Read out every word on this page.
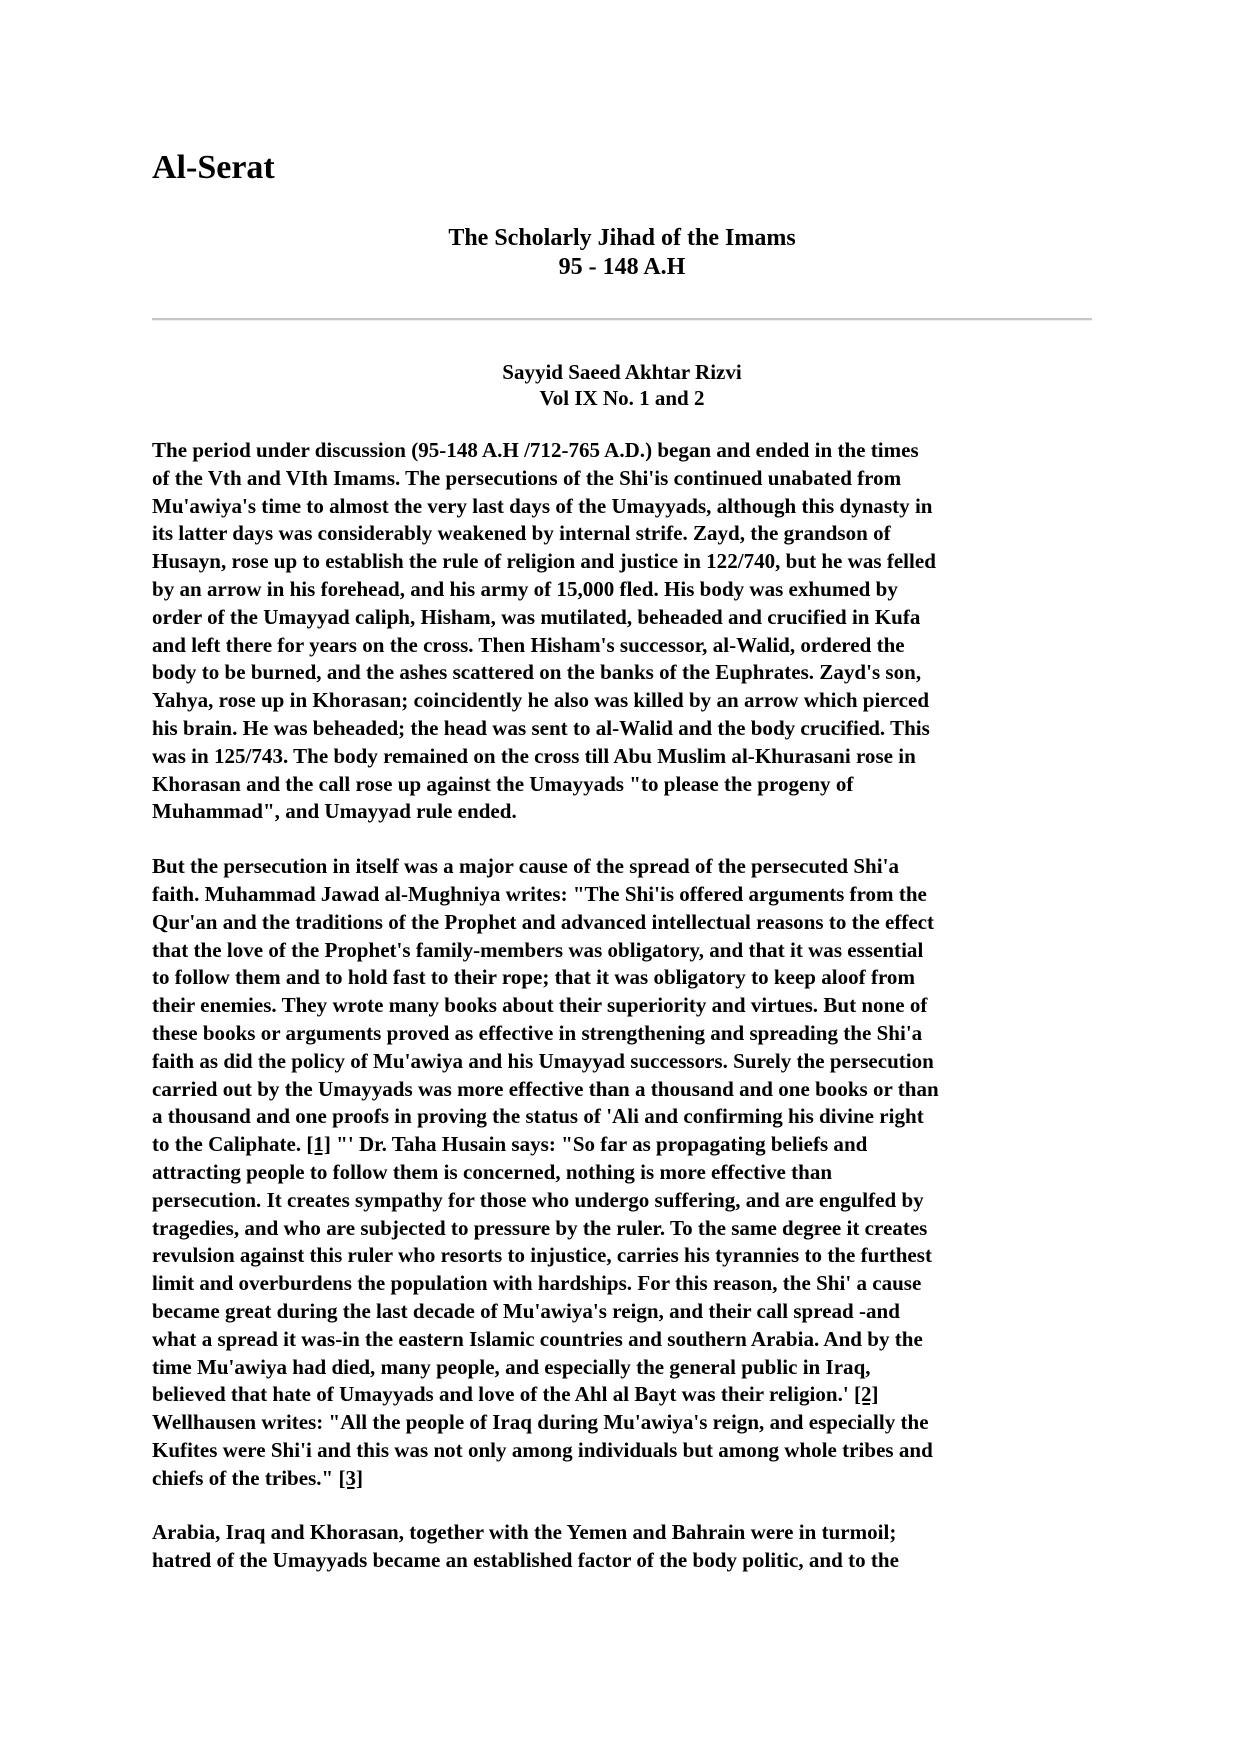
Al-Serat
The Scholarly Jihad of the Imams
95 - 148 A.H
Sayyid Saeed Akhtar Rizvi
Vol IX No. 1 and 2
The period under discussion (95-148 A.H /712-765 A.D.) began and ended in the times
of the Vth and VIth Imams. The persecutions of the Shi'is continued unabated from
Mu'awiya's time to almost the very last days of the Umayyads, although this dynasty in
its latter days was considerably weakened by internal strife. Zayd, the grandson of
Husayn, rose up to establish the rule of religion and justice in 122/740, but he was felled
by an arrow in his forehead, and his army of 15,000 fled. His body was exhumed by
order of the Umayyad caliph, Hisham, was mutilated, beheaded and crucified in Kufa
and left there for years on the cross. Then Hisham's successor, al-Walid, ordered the
body to be burned, and the ashes scattered on the banks of the Euphrates. Zayd's son,
Yahya, rose up in Khorasan; coincidently he also was killed by an arrow which pierced
his brain. He was beheaded; the head was sent to al-Walid and the body crucified. This
was in 125/743. The body remained on the cross till Abu Muslim al-Khurasani rose in
Khorasan and the call rose up against the Umayyads "to please the progeny of
Muhammad", and Umayyad rule ended.
But the persecution in itself was a major cause of the spread of the persecuted Shi'a
faith. Muhammad Jawad al-Mughniya writes: "The Shi'is offered arguments from the
Qur'an and the traditions of the Prophet and advanced intellectual reasons to the effect
that the love of the Prophet's family-members was obligatory, and that it was essential
to follow them and to hold fast to their rope; that it was obligatory to keep aloof from
their enemies. They wrote many books about their superiority and virtues. But none of
these books or arguments proved as effective in strengthening and spreading the Shi'a
faith as did the policy of Mu'awiya and his Umayyad successors. Surely the persecution
carried out by the Umayyads was more effective than a thousand and one books or than
a thousand and one proofs in proving the status of 'Ali and confirming his divine right
to the Caliphate. [1] "' Dr. Taha Husain says: "So far as propagating beliefs and
attracting people to follow them is concerned, nothing is more effective than
persecution. It creates sympathy for those who undergo suffering, and are engulfed by
tragedies, and who are subjected to pressure by the ruler. To the same degree it creates
revulsion against this ruler who resorts to injustice, carries his tyrannies to the furthest
limit and overburdens the population with hardships. For this reason, the Shi' a cause
became great during the last decade of Mu'awiya's reign, and their call spread -and
what a spread it was-in the eastern Islamic countries and southern Arabia. And by the
time Mu'awiya had died, many people, and especially the general public in Iraq,
believed that hate of Umayyads and love of the Ahl al Bayt was their religion.' [2]
Wellhausen writes: "All the people of Iraq during Mu'awiya's reign, and especially the
Kufites were Shi'i and this was not only among individuals but among whole tribes and
chiefs of the tribes." [3]
Arabia, Iraq and Khorasan, together with the Yemen and Bahrain were in turmoil;
hatred of the Umayyads became an established factor of the body politic, and to the
